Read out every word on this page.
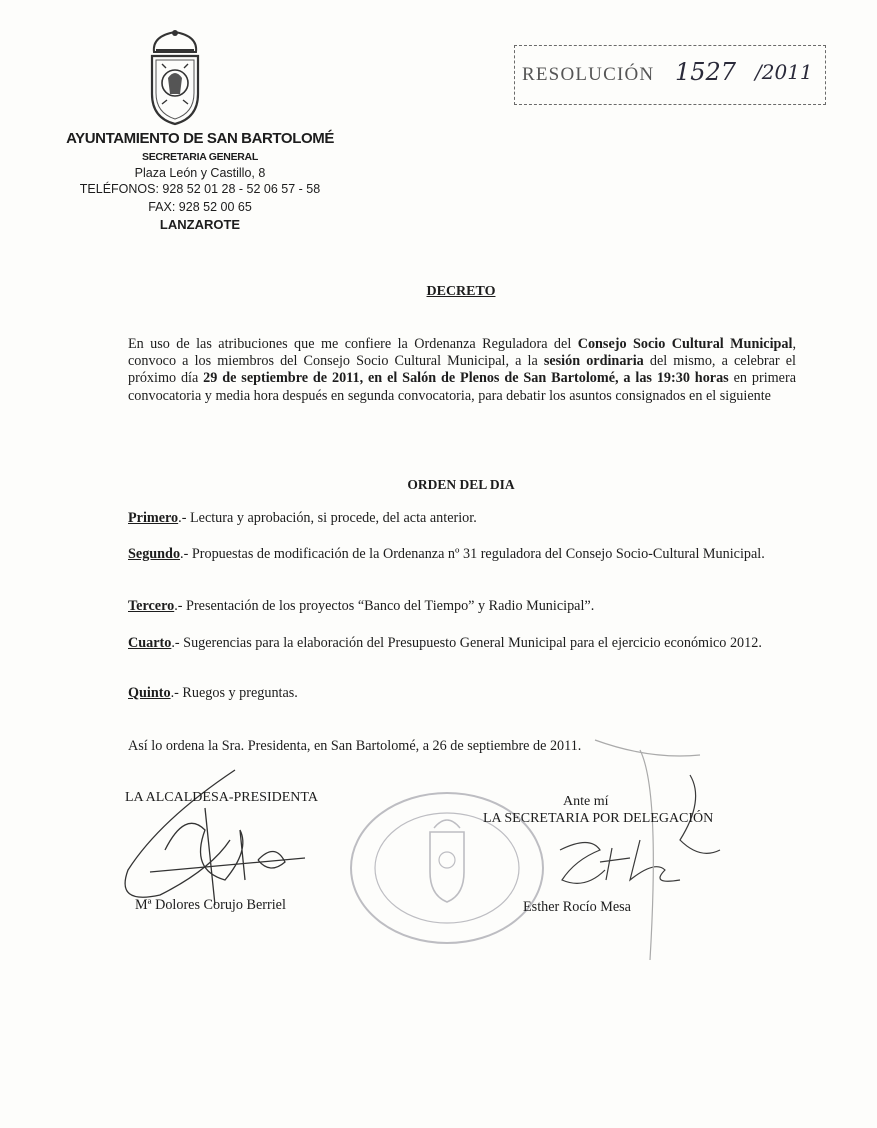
AYUNTAMIENTO DE SAN BARTOLOMÉ
SECRETARIA GENERAL
Plaza León y Castillo, 8
TELÉFONOS: 928 52 01 28 - 52 06 57 - 58
FAX: 928 52 00 65
LANZAROTE
RESOLUCIÓN 1527 /2011
DECRETO
En uso de las atribuciones que me confiere la Ordenanza Reguladora del Consejo Socio Cultural Municipal, convoco a los miembros del Consejo Socio Cultural Municipal, a la sesión ordinaria del mismo, a celebrar el próximo día 29 de septiembre de 2011, en el Salón de Plenos de San Bartolomé, a las 19:30 horas en primera convocatoria y media hora después en segunda convocatoria, para debatir los asuntos consignados en el siguiente
ORDEN DEL DIA
Primero.- Lectura y aprobación, si procede, del acta anterior.
Segundo.- Propuestas de modificación de la Ordenanza nº 31 reguladora del Consejo Socio-Cultural Municipal.
Tercero.- Presentación de los proyectos “Banco del Tiempo” y Radio Municipal”.
Cuarto.- Sugerencias para la elaboración del Presupuesto General Municipal para el ejercicio económico 2012.
Quinto.- Ruegos y preguntas.
Así lo ordena la Sra. Presidenta, en San Bartolomé, a 26 de septiembre de 2011.
LA ALCALDESA-PRESIDENTA
Mª Dolores Corujo Berriel
Ante mí
LA SECRETARIA POR DELEGACIÓN
Esther Rocío Mesa
